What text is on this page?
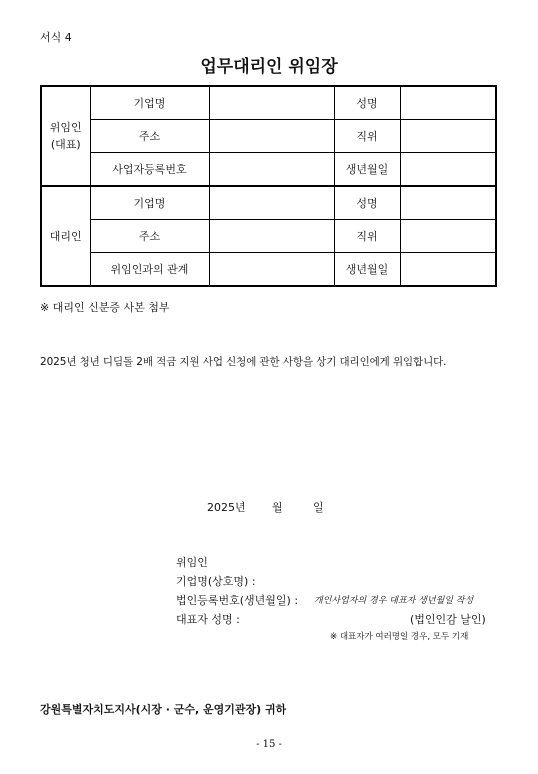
서식 4
업무대리인 위임장
위임인
(대표)	기업명		성명	
	주소		직위	
	사업자등록번호		생년월일	
대리인	기업명		성명	
	주소		직위	
	위임인과의 관계		생년월일	
※ 대리인 신분증 사본 첨부
2025년 청년 디딤돌 2배 적금 지원 사업 신청에 관한 사항을 상기 대리인에게 위임합니다.
2025년 월	일
위임인
기업명(상호명) :
법인등록번호(생년월일) : 개인사업자의 경우 대표자 생년월일 작성
대표자 성명 :	(법인인감 날인)
※ 대표자가 여러명일 경우, 모두 기재
강원특별자치도지사(시장 · 군수, 운영기관장) 귀하
- 15 -
